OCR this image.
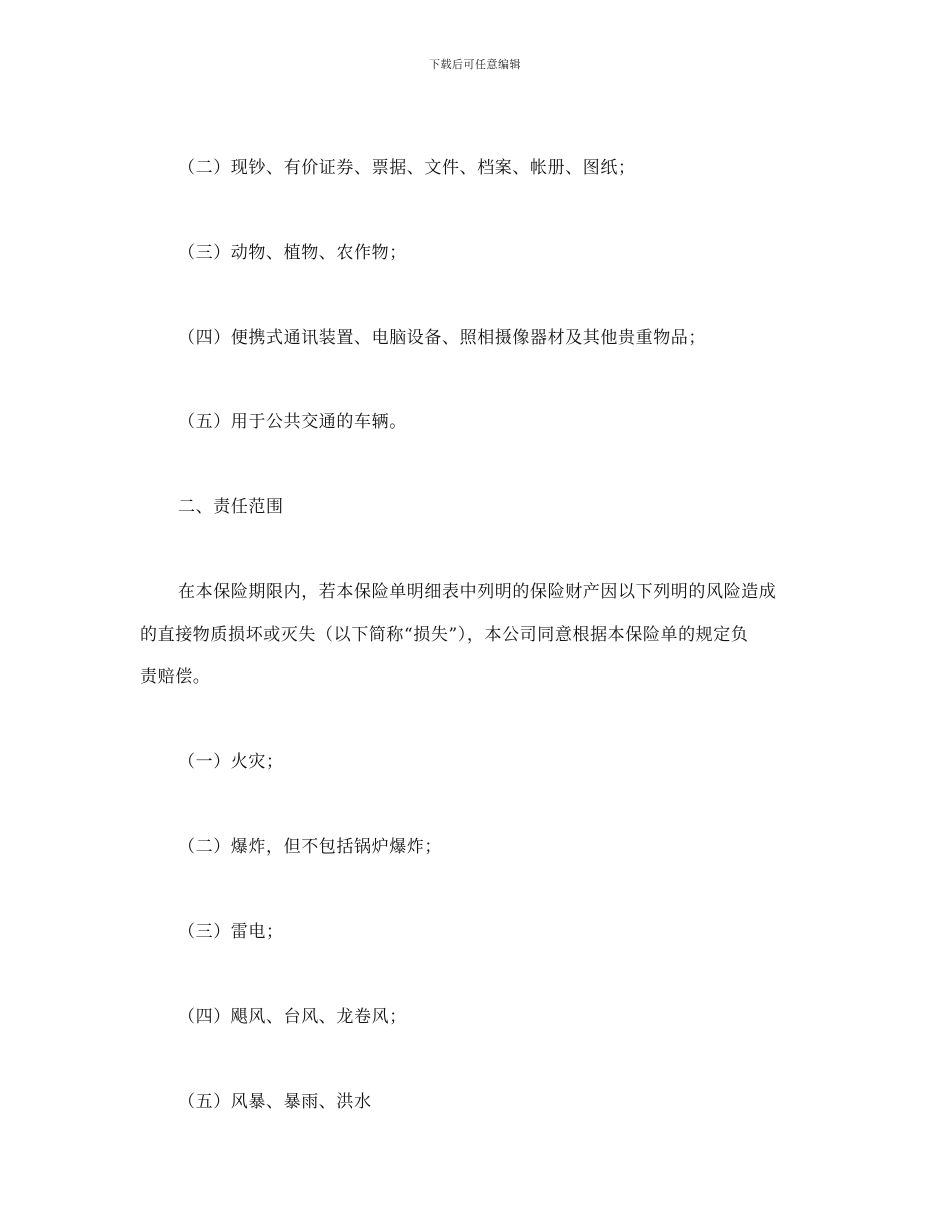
下载后可任意编辑
（二）现钞、有价证券、票据、文件、档案、帐册、图纸；
（三）动物、植物、农作物；
（四）便携式通讯装置、电脑设备、照相摄像器材及其他贵重物品；
（五）用于公共交通的车辆。
二、责任范围
在本保险期限内，若本保险单明细表中列明的保险财产因以下列明的风险造成
的直接物质损坏或灭失（以下简称“损失”），本公司同意根据本保险单的规定负
责赔偿。
（一）火灾；
（二）爆炸，但不包括锅炉爆炸；
（三）雷电；
（四）飓风、台风、龙卷风；
（五）风暴、暴雨、洪水
